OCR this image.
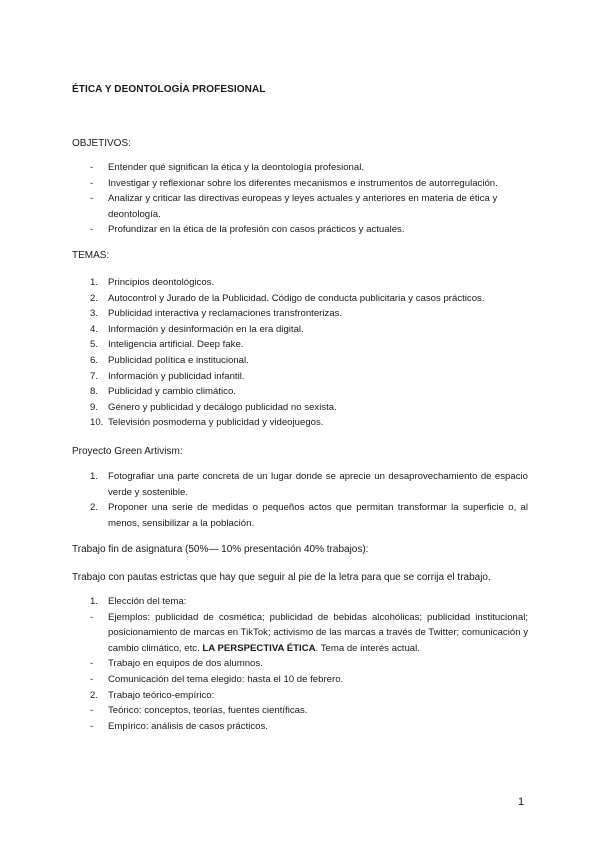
ÉTICA Y DEONTOLOGÍA PROFESIONAL
OBJETIVOS:
-	Entender qué significan la ética y la deontología profesional.
-	Investigar y reflexionar sobre los diferentes mecanismos e instrumentos de autorregulación.
-	Analizar y criticar las directivas europeas y leyes actuales y anteriores en materia de ética y deontología.
-	Profundizar en la ética de la profesión con casos prácticos y actuales.
TEMAS:
1.	Principios deontológicos.
2.	Autocontrol y Jurado de la Publicidad. Código de conducta publicitaria y casos prácticos.
3.	Publicidad interactiva y reclamaciones transfronterizas.
4.	Información y desinformación en la era digital.
5.	Inteligencia artificial. Deep fake.
6.	Publicidad política e institucional.
7.	Información y publicidad infantil.
8.	Publicidad y cambio climático.
9.	Género y publicidad y decálogo publicidad no sexista.
10. Televisión posmoderna y publicidad y videojuegos.
Proyecto Green Artivism:
1.	Fotografiar una parte concreta de un lugar donde se aprecie un desaprovechamiento de espacio verde y sostenible.
2.	Proponer una serie de medidas o pequeños actos que permitan transformar la superficie o, al menos, sensibilizar a la población.
Trabajo fin de asignatura (50%— 10% presentación 40% trabajos):
Trabajo con pautas estrictas que hay que seguir al pie de la letra para que se corrija el trabajo.
1.	Elección del tema:
-	Ejemplos: publicidad de cosmética; publicidad de bebidas alcohólicas; publicidad institucional; posicionamiento de marcas en TikTok; activismo de las marcas a través de Twitter; comunicación y cambio climático, etc. LA PERSPECTIVA ÉTICA. Tema de interés actual.
-	Trabajo en equipos de dos alumnos.
-	Comunicación del tema elegido: hasta el 10 de febrero.
2.	Trabajo teórico-empírico:
-	Teórico: conceptos, teorías, fuentes científicas.
-	Empírico: análisis de casos prácticos.
1
